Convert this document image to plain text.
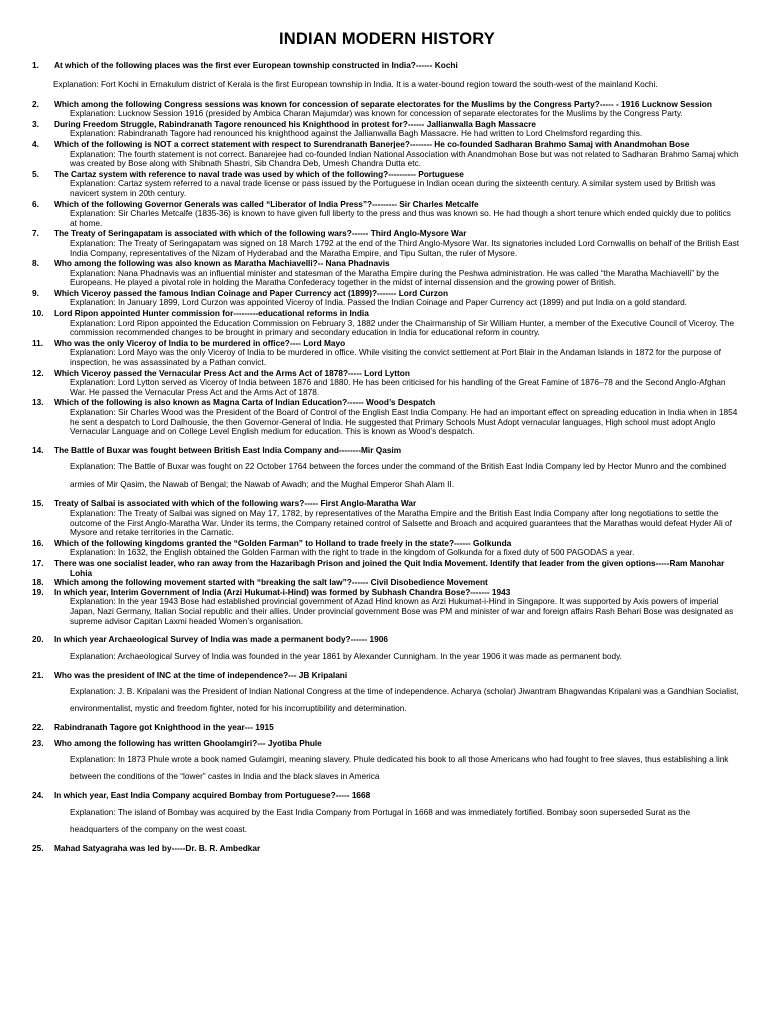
INDIAN MODERN HISTORY
1.	At which of the following places was the first ever European township constructed in India?------ Kochi
Explanation: Fort Kochi in Ernakulum district of Kerala is the first European township in India. It is a water-bound region toward the south-west of the mainland Kochi.
2.	Which among the following Congress sessions was known for concession of separate electorates for the Muslims by the Congress Party?----- - 1916 Lucknow Session
Explanation: Lucknow Session 1916 (presided by Ambica Charan Majumdar) was known for concession of separate electorates for the Muslims by the Congress Party.
3.	During Freedom Struggle, Rabindranath Tagore renounced his Knighthood in protest for?------ Jallianwalla Bagh Massacre
Explanation: Rabindranath Tagore had renounced his knighthood against the Jallianwalla Bagh Massacre. He had written to Lord Chelmsford regarding this.
4.	Which of the following is NOT a correct statement with respect to Surendranath Banerjee?-------- He co-founded Sadharan Brahmo Samaj with Anandmohan Bose
Explanation: The fourth statement is not correct. Banarejee had co-founded Indian National Association with Anandmohan Bose but was not related to Sadharan Brahmo Samaj which was created by Bose along with Shibnath Shastri, Sib Chandra Deb, Umesh Chandra Dutta etc.
5.	The Cartaz system with reference to naval trade was used by which of the following?---------- Portuguese
Explanation: Cartaz system referred to a naval trade license or pass issued by the Portuguese in Indian ocean during the sixteenth century. A similar system used by British was navicert system in 20th century.
6.	Which of the following Governor Generals was called “Liberator of India Press”?--------- Sir Charles Metcalfe
Explanation: Sir Charles Metcalfe (1835-36) is known to have given full liberty to the press and thus was known so. He had though a short tenure which ended quickly due to politics at home.
7.	The Treaty of Seringapatam is associated with which of the following wars?------ Third Anglo-Mysore War
Explanation: The Treaty of Seringapatam was signed on 18 March 1792 at the end of the Third Anglo-Mysore War. Its signatories included Lord Cornwallis on behalf of the British East India Company, representatives of the Nizam of Hyderabad and the Maratha Empire, and Tipu Sultan, the ruler of Mysore.
8.	Who among the following was also known as Maratha Machiavelli?-- Nana Phadnavis
Explanation: Nana Phadnavis was an influential minister and statesman of the Maratha Empire during the Peshwa administration. He was called “the Maratha Machiavelli” by the Europeans. He played a pivotal role in holding the Maratha Confederacy together in the midst of internal dissension and the growing power of British.
9.	Which Viceroy passed the famous Indian Coinage and Paper Currency act (1899)?------- Lord Curzon
Explanation: In January 1899, Lord Curzon was appointed Viceroy of India. Passed the Indian Coinage and Paper Currency act (1899) and put India on a gold standard.
10.	Lord Ripon appointed Hunter commission for---------educational reforms in India
Explanation: Lord Ripon appointed the Education Commission on February 3, 1882 under the Chairmanship of Sir William Hunter, a member of the Executive Council of Viceroy. The commission recommended changes to be brought in primary and secondary education in India for educational reform in country.
11.	Who was the only Viceroy of India to be murdered in office?---- Lord Mayo
Explanation: Lord Mayo was the only Viceroy of India to be murdered in office. While visiting the convict settlement at Port Blair in the Andaman Islands in 1872 for the purpose of inspection, he was assassinated by a Pathan convict.
12.	Which Viceroy passed the Vernacular Press Act and the Arms Act of 1878?----- Lord Lytton
Explanation: Lord Lytton served as Viceroy of India between 1876 and 1880. He has been criticised for his handling of the Great Famine of 1876–78 and the Second Anglo-Afghan War. He passed the Vernacular Press Act and the Arms Act of 1878.
13.	Which of the following is also known as Magna Carta of Indian Education?------ Wood’s Despatch
Explanation: Sir Charles Wood was the President of the Board of Control of the English East India Company. He had an important effect on spreading education in India when in 1854 he sent a despatch to Lord Dalhousie, the then Governor-General of India. He suggested that Primary Schools Must Adopt vernacular languages, High school must adopt Anglo Vernacular Language and on College Level English medium for education. This is known as Wood’s despatch.
14.	The Battle of Buxar was fought between British East India Company and--------Mir Qasim
Explanation: The Battle of Buxar was fought on 22 October 1764 between the forces under the command of the British East India Company led by Hector Munro and the combined armies of Mir Qasim, the Nawab of Bengal; the Nawab of Awadh; and the Mughal Emperor Shah Alam II.
15.	Treaty of Salbai is associated with which of the following wars?----- First Anglo-Maratha War
Explanation: The Treaty of Salbai was signed on May 17, 1782, by representatives of the Maratha Empire and the British East India Company after long negotiations to settle the outcome of the First Anglo-Maratha War. Under its terms, the Company retained control of Salsette and Broach and acquired guarantees that the Marathas would defeat Hyder Ali of Mysore and retake territories in the Carnatic.
16.	Which of the following kingdoms granted the “Golden Farman” to Holland to trade freely in the state?------ Golkunda
Explanation: In 1632, the English obtained the Golden Farman with the right to trade in the kingdom of Golkunda for a fixed duty of 500 PAGODAS a year.
17.	There was one socialist leader, who ran away from the Hazaribagh Prison and joined the Quit India Movement. Identify that leader from the given options-----Ram Manohar Lohia
18.	Which among the following movement started with “breaking the salt law”?------ Civil Disobedience Movement
19.	In which year, Interim Government of India (Arzi Hukumat-i-Hind) was formed by Subhash Chandra Bose?------- 1943
Explanation: In the year 1943 Bose had established provincial government of Azad Hind known as Arzi Hukumat-i-Hind in Singapore. It was supported by Axis powers of imperial Japan, Nazi Germany, Italian Social republic and their allies. Under provincial government Bose was PM and minister of war and foreign affairs Rash Behari Bose was designated as supreme advisor Capitan Laxmi headed Women’s organisation.
20.	In which year Archaeological Survey of India was made a permanent body?------ 1906
Explanation: Archaeological Survey of India was founded in the year 1861 by Alexander Cunnigham. In the year 1906 it was made as permanent body.
21.	Who was the president of INC at the time of independence?--- JB Kripalani
Explanation: J. B. Kripalani was the President of Indian National Congress at the time of independence. Acharya (scholar) Jiwantram Bhagwandas Kripalani was a Gandhian Socialist, environmentalist, mystic and freedom fighter, noted for his incorruptibility and determination.
22.	Rabindranath Tagore got Knighthood in the year--- 1915
23.	Who among the following has written Ghoolamgiri?--- Jyotiba Phule
Explanation: In 1873 Phule wrote a book named Gulamgiri, meaning slavery. Phule dedicated his book to all those Americans who had fought to free slaves, thus establishing a link between the conditions of the “lower” castes in India and the black slaves in America
24.	In which year, East India Company acquired Bombay from Portuguese?----- 1668
Explanation: The island of Bombay was acquired by the East India Company from Portugal in 1668 and was immediately fortified. Bombay soon superseded Surat as the headquarters of the company on the west coast.
25.	Mahad Satyagraha was led by-----Dr. B. R. Ambedkar
